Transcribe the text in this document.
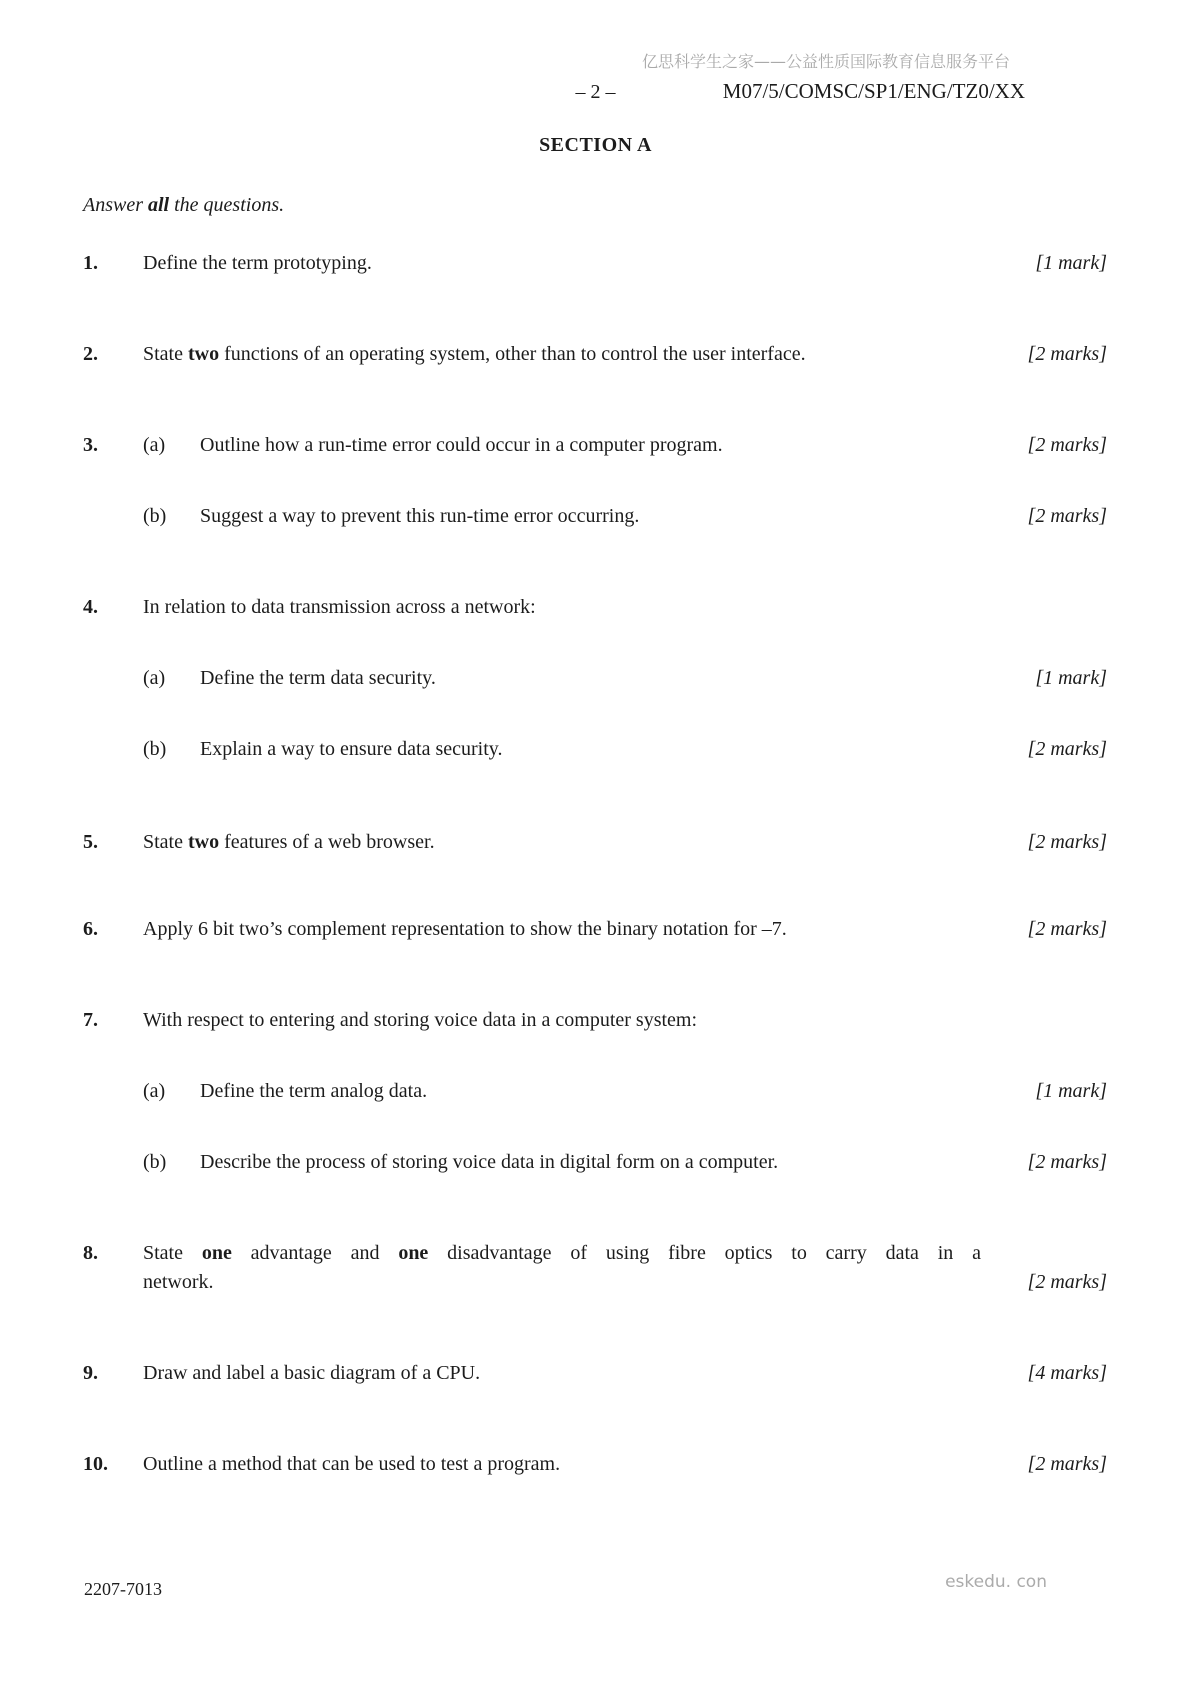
亿思科学生之家——公益性质国际教育信息服务平台
– 2 –	M07/5/COMSC/SP1/ENG/TZ0/XX
SECTION A
Answer all the questions.
1. Define the term prototyping.	[1 mark]
2. State two functions of an operating system, other than to control the user interface.	[2 marks]
3. (a) Outline how a run-time error could occur in a computer program.	[2 marks]
(b) Suggest a way to prevent this run-time error occurring.	[2 marks]
4. In relation to data transmission across a network:
(a) Define the term data security.	[1 mark]
(b) Explain a way to ensure data security.	[2 marks]
5. State two features of a web browser.	[2 marks]
6. Apply 6 bit two’s complement representation to show the binary notation for –7.	[2 marks]
7. With respect to entering and storing voice data in a computer system:
(a) Define the term analog data.	[1 mark]
(b) Describe the process of storing voice data in digital form on a computer.	[2 marks]
8. State one advantage and one disadvantage of using fibre optics to carry data in a
network.	[2 marks]
9. Draw and label a basic diagram of a CPU.	[4 marks]
10. Outline a method that can be used to test a program.	[2 marks]
2207-7013	eskedu. con
